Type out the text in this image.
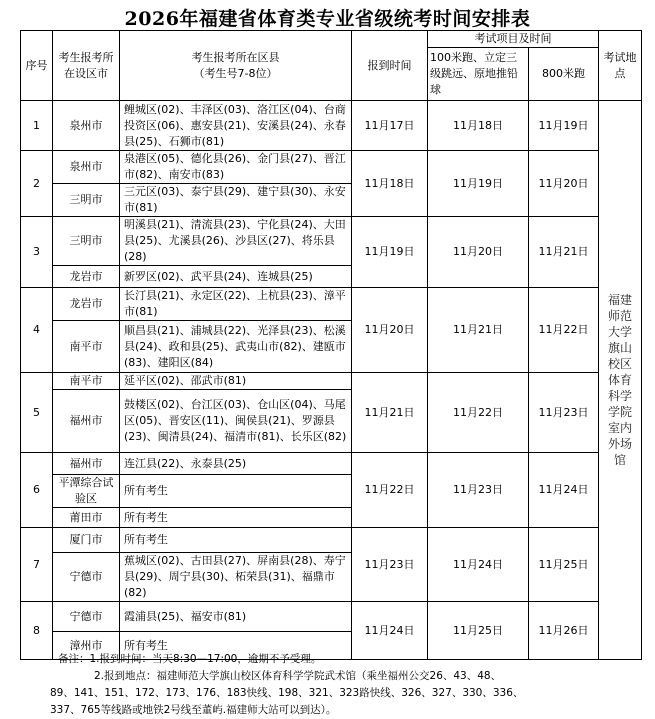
2026年福建省体育类专业省级统考时间安排表
序号	考生报考所在设区市	考生报考所在区县
（考生号7-8位）	报到时间	考试项目及时间		考试地点
				100米跑、立定三级跳远、原地推铅球	800米跑	
1	泉州市	鲤城区(02)、丰泽区(03)、洛江区(04)、台商投资区(06)、惠安县(21)、安溪县(24)、永春县(25)、石狮市(81)	11月17日	11月18日	11月19日	福建师范大学旗山校区体育科学学院室内外场馆
2	泉州市	泉港区(05)、德化县(26)、金门县(27)、晋江市(82)、南安市(83)	11月18日	11月19日	11月20日	
	三明市	三元区(03)、泰宁县(29)、建宁县(30)、永安市(81)				
3	三明市	明溪县(21)、清流县(23)、宁化县(24)、大田县(25)、尤溪县(26)、沙县区(27)、将乐县(28)	11月19日	11月20日	11月21日	
	龙岩市	新罗区(02)、武平县(24)、连城县(25)				
4	龙岩市	长汀县(21)、永定区(22)、上杭县(23)、漳平市(81)	11月20日	11月21日	11月22日	
	南平市	顺昌县(21)、浦城县(22)、光泽县(23)、松溪县(24)、政和县(25)、武夷山市(82)、建瓯市(83)、建阳区(84)				
5	南平市	延平区(02)、邵武市(81)	11月21日	11月22日	11月23日	
	福州市	鼓楼区(02)、台江区(03)、仓山区(04)、马尾区(05)、晋安区(11)、闽侯县(21)、罗源县(23)、闽清县(24)、福清市(81)、长乐区(82)				
6	福州市	连江县(22)、永泰县(25)	11月22日	11月23日	11月24日	
	平潭综合试验区	所有考生				
	莆田市	所有考生				
7	厦门市	所有考生	11月23日	11月24日	11月25日	
	宁德市	蕉城区(02)、古田县(27)、屏南县(28)、寿宁县(29)、周宁县(30)、柘荣县(31)、福鼎市(82)				
8	宁德市	霞浦县(25)、福安市(81)	11月24日	11月25日	11月26日	
	漳州市	所有考生				
备注：1.报到时间：当天8:30—17:00，逾期不予受理。
2.报到地点：福建师范大学旗山校区体育科学学院武术馆（乘坐福州公交26、43、48、
89、141、151、172、173、176、183快线、198、321、323路快线、326、327、330、336、
337、765等线路或地铁2号线至董屿.福建师大站可以到达）。
